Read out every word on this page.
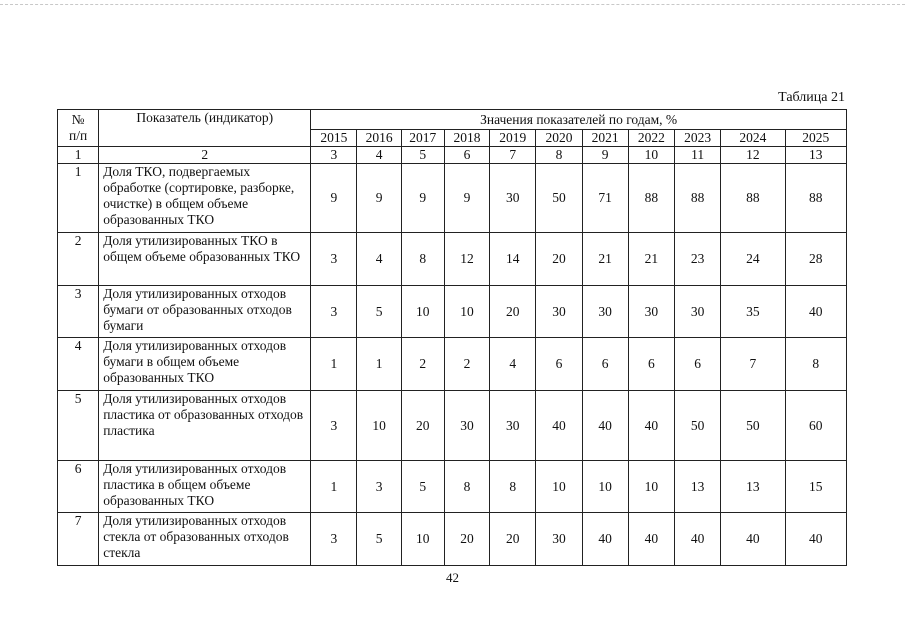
Таблица 21
№
п/п	Показатель (индикатор)	Значения показателей по годам, %										
		2015	2016	2017	2018	2019	2020	2021	2022	2023	2024	2025
1	2	3	4	5	6	7	8	9	10	11	12	13
1	Доля ТКО, подвергаемых обработке (сортировке, разборке, очистке) в общем объеме образованных ТКО	9	9	9	9	30	50	71	88	88	88	88
2	Доля утилизированных ТКО в общем объеме образованных ТКО	3	4	8	12	14	20	21	21	23	24	28
3	Доля утилизированных отходов бумаги от образованных отходов бумаги	3	5	10	10	20	30	30	30	30	35	40
4	Доля утилизированных отходов бумаги в общем объеме образованных ТКО	1	1	2	2	4	6	6	6	6	7	8
5	Доля утилизированных отходов пластика от образованных отходов пластика	3	10	20	30	30	40	40	40	50	50	60
6	Доля утилизированных отходов пластика в общем объеме образованных ТКО	1	3	5	8	8	10	10	10	13	13	15
7	Доля утилизированных отходов стекла от образованных отходов стекла	3	5	10	20	20	30	40	40	40	40	40
42
